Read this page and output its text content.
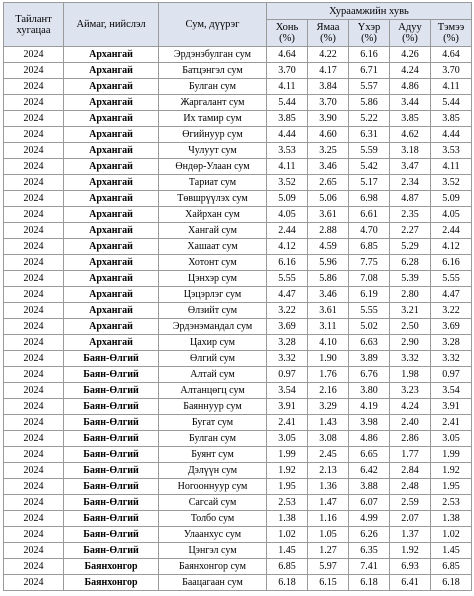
Тайлант хугацаа	Аймаг, нийслэл	Сум, дүүрэг	Хураамжийн хувь				
			Хонь (%)	Ямаа (%)	Үхэр (%)	Адуу (%)	Тэмээ (%)
2024	Архангай	Эрдэнэбулган сум	4.64	4.22	6.16	4.26	4.64
2024	Архангай	Батцэнгэл сум	3.70	4.17	6.71	4.24	3.70
2024	Архангай	Булган сум	4.11	3.84	5.57	4.86	4.11
2024	Архангай	Жаргалант сум	5.44	3.70	5.86	3.44	5.44
2024	Архангай	Их тамир сум	3.85	3.90	5.22	3.85	3.85
2024	Архангай	Өгийнуур сум	4.44	4.60	6.31	4.62	4.44
2024	Архангай	Чулуут сум	3.53	3.25	5.59	3.18	3.53
2024	Архангай	Өндөр-Улаан сум	4.11	3.46	5.42	3.47	4.11
2024	Архангай	Тариат сум	3.52	2.65	5.17	2.34	3.52
2024	Архангай	Төвшрүүлэх сум	5.09	5.06	6.98	4.87	5.09
2024	Архангай	Хайрхан сум	4.05	3.61	6.61	2.35	4.05
2024	Архангай	Хангай сум	2.44	2.88	4.70	2.27	2.44
2024	Архангай	Хашаат сум	4.12	4.59	6.85	5.29	4.12
2024	Архангай	Хотонт сум	6.16	5.96	7.75	6.28	6.16
2024	Архангай	Цэнхэр сум	5.55	5.86	7.08	5.39	5.55
2024	Архангай	Цэцэрлэг сум	4.47	3.46	6.19	2.80	4.47
2024	Архангай	Өлзийт сум	3.22	3.61	5.55	3.21	3.22
2024	Архангай	Эрдэнэмандал сум	3.69	3.11	5.02	2.50	3.69
2024	Архангай	Цахир сум	3.28	4.10	6.63	2.90	3.28
2024	Баян-Өлгий	Өлгий сум	3.32	1.90	3.89	3.32	3.32
2024	Баян-Өлгий	Алтай сум	0.97	1.76	6.76	1.98	0.97
2024	Баян-Өлгий	Алтанцөгц сум	3.54	2.16	3.80	3.23	3.54
2024	Баян-Өлгий	Баяннуур сум	3.91	3.29	4.19	4.24	3.91
2024	Баян-Өлгий	Бугат сум	2.41	1.43	3.98	2.40	2.41
2024	Баян-Өлгий	Булган сум	3.05	3.08	4.86	2.86	3.05
2024	Баян-Өлгий	Буянт сум	1.99	2.45	6.65	1.77	1.99
2024	Баян-Өлгий	Дэлүүн сум	1.92	2.13	6.42	2.84	1.92
2024	Баян-Өлгий	Ногооннуур сум	1.95	1.36	3.88	2.48	1.95
2024	Баян-Өлгий	Сагсай сум	2.53	1.47	6.07	2.59	2.53
2024	Баян-Өлгий	Толбо сум	1.38	1.16	4.99	2.07	1.38
2024	Баян-Өлгий	Улаанхус сум	1.02	1.05	6.26	1.37	1.02
2024	Баян-Өлгий	Цэнгэл сум	1.45	1.27	6.35	1.92	1.45
2024	Баянхонгор	Баянхонгор сум	6.85	5.97	7.41	6.93	6.85
2024	Баянхонгор	Баацагаан сум	6.18	6.15	6.18	6.41	6.18
